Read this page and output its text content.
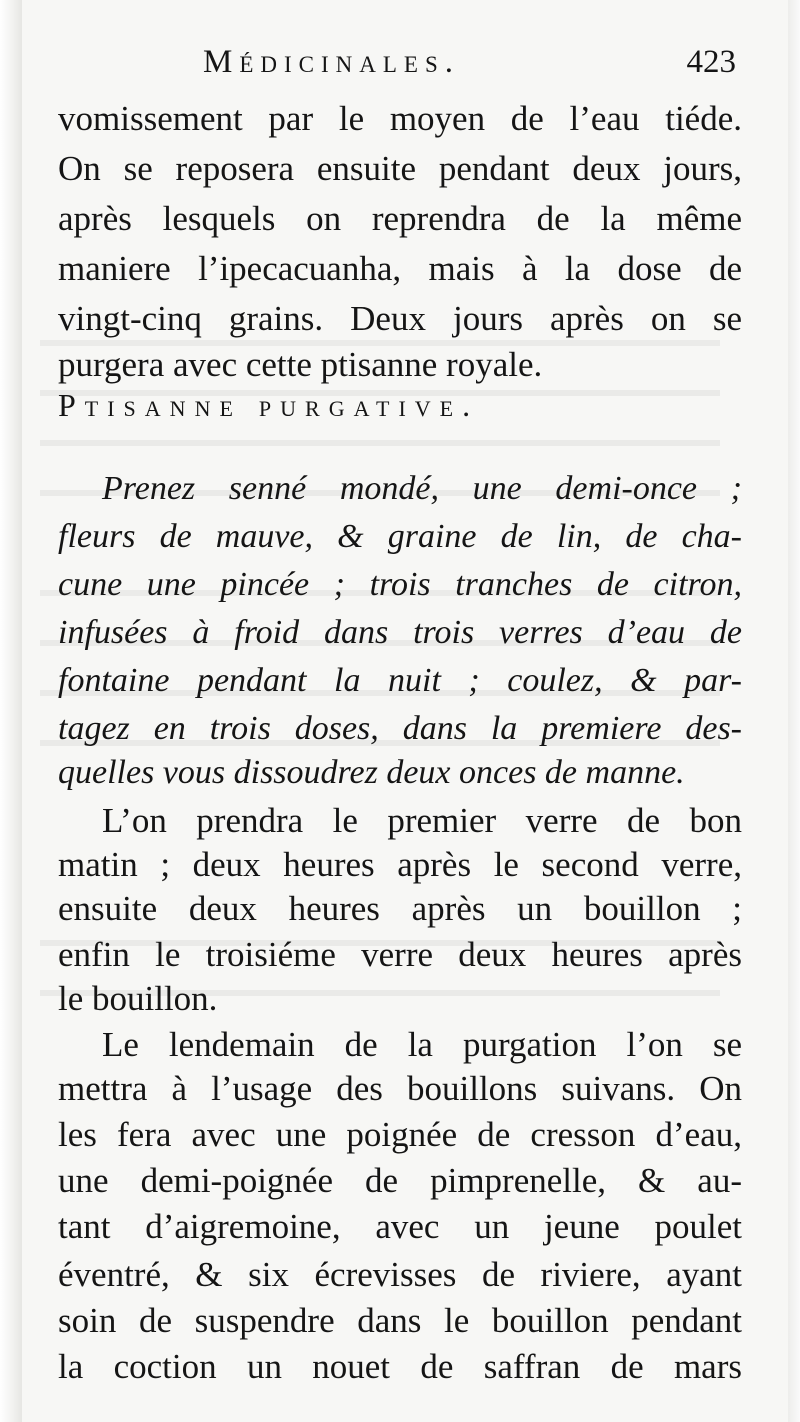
Médicinales.	423
vomissement par le moyen de l’eau tiéde.
On se reposera ensuite pendant deux jours,
après lesquels on reprendra de la même
maniere l’ipecacuanha, mais à la dose de
vingt-cinq grains. Deux jours après on se
purgera avec cette ptisanne royale.
Ptisanne purgative.
Prenez senné mondé, une demi-once ;
fleurs de mauve, & graine de lin, de cha-
cune une pincée ; trois tranches de citron,
infusées à froid dans trois verres d’eau de
fontaine pendant la nuit ; coulez, & par-
tagez en trois doses, dans la premiere des-
quelles vous dissoudrez deux onces de manne.
L’on prendra le premier verre de bon
matin ; deux heures après le second verre,
ensuite deux heures après un bouillon ;
enfin le troisiéme verre deux heures après
le bouillon.
Le lendemain de la purgation l’on se
mettra à l’usage des bouillons suivans. On
les fera avec une poignée de cresson d’eau,
une demi-poignée de pimprenelle, & au-
tant d’aigremoine, avec un jeune poulet
éventré, & six écrevisses de riviere, ayant
soin de suspendre dans le bouillon pendant
la coction un nouet de saffran de mars
